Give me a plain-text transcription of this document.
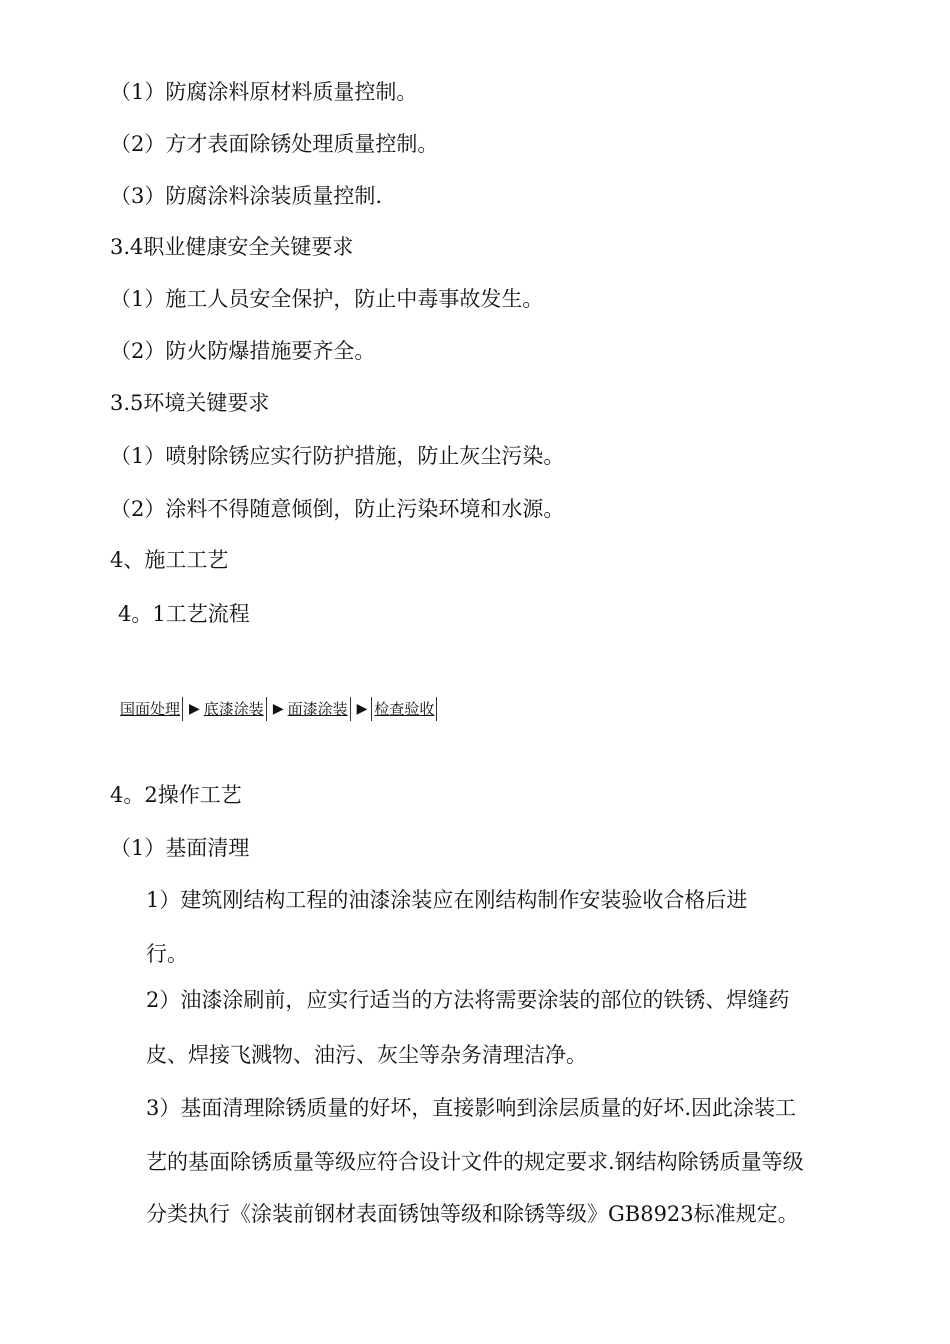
（1）防腐涂料原材料质量控制。
（2）方才表面除锈处理质量控制。
（3）防腐涂料涂装质量控制.
3.4职业健康安全关键要求
（1）施工人员安全保护，防止中毒事故发生。
（2）防火防爆措施要齐全。
3.5环境关键要求
（1）喷射除锈应实行防护措施，防止灰尘污染。
（2）涂料不得随意倾倒，防止污染环境和水源。
4、施工工艺
4。1工艺流程
国面处理 ▶ 底漆涂装 ▶ 面漆涂装 ▶ 检查验收
4。2操作工艺
（1）基面清理
1）建筑刚结构工程的油漆涂装应在刚结构制作安装验收合格后进
行。
2）油漆涂刷前，应实行适当的方法将需要涂装的部位的铁锈、焊缝药
皮、焊接飞溅物、油污、灰尘等杂务清理洁净。
3）基面清理除锈质量的好坏，直接影响到涂层质量的好坏.因此涂装工
艺的基面除锈质量等级应符合设计文件的规定要求.钢结构除锈质量等级
分类执行《涂装前钢材表面锈蚀等级和除锈等级》GB8923标准规定。
